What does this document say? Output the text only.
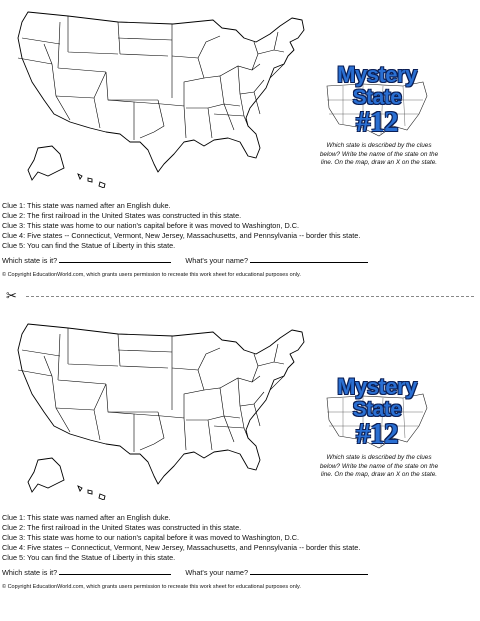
Mystery
State
#12
Which state is described by the clues below? Write the name of the state on the line. On the map, draw an X on the state.
Clue 1: This state was named after an English duke.
Clue 2: The first railroad in the United States was constructed in this state.
Clue 3: This state was home to our nation's capital before it was moved to Washington, D.C.
Clue 4: Five states -- Connecticut, Vermont, New Jersey, Massachusetts, and Pennsylvania -- border this state.
Clue 5: You can find the Statue of Liberty in this state.
Which state is it?	What's your name?
© Copyright EducationWorld.com, which grants users permission to recreate this work sheet for educational purposes only.
✂
Mystery
State
#12
Which state is described by the clues below? Write the name of the state on the line. On the map, draw an X on the state.
Clue 1: This state was named after an English duke.
Clue 2: The first railroad in the United States was constructed in this state.
Clue 3: This state was home to our nation's capital before it was moved to Washington, D.C.
Clue 4: Five states -- Connecticut, Vermont, New Jersey, Massachusetts, and Pennsylvania -- border this state.
Clue 5: You can find the Statue of Liberty in this state.
Which state is it?	What's your name?
© Copyright EducationWorld.com, which grants users permission to recreate this work sheet for educational purposes only.
